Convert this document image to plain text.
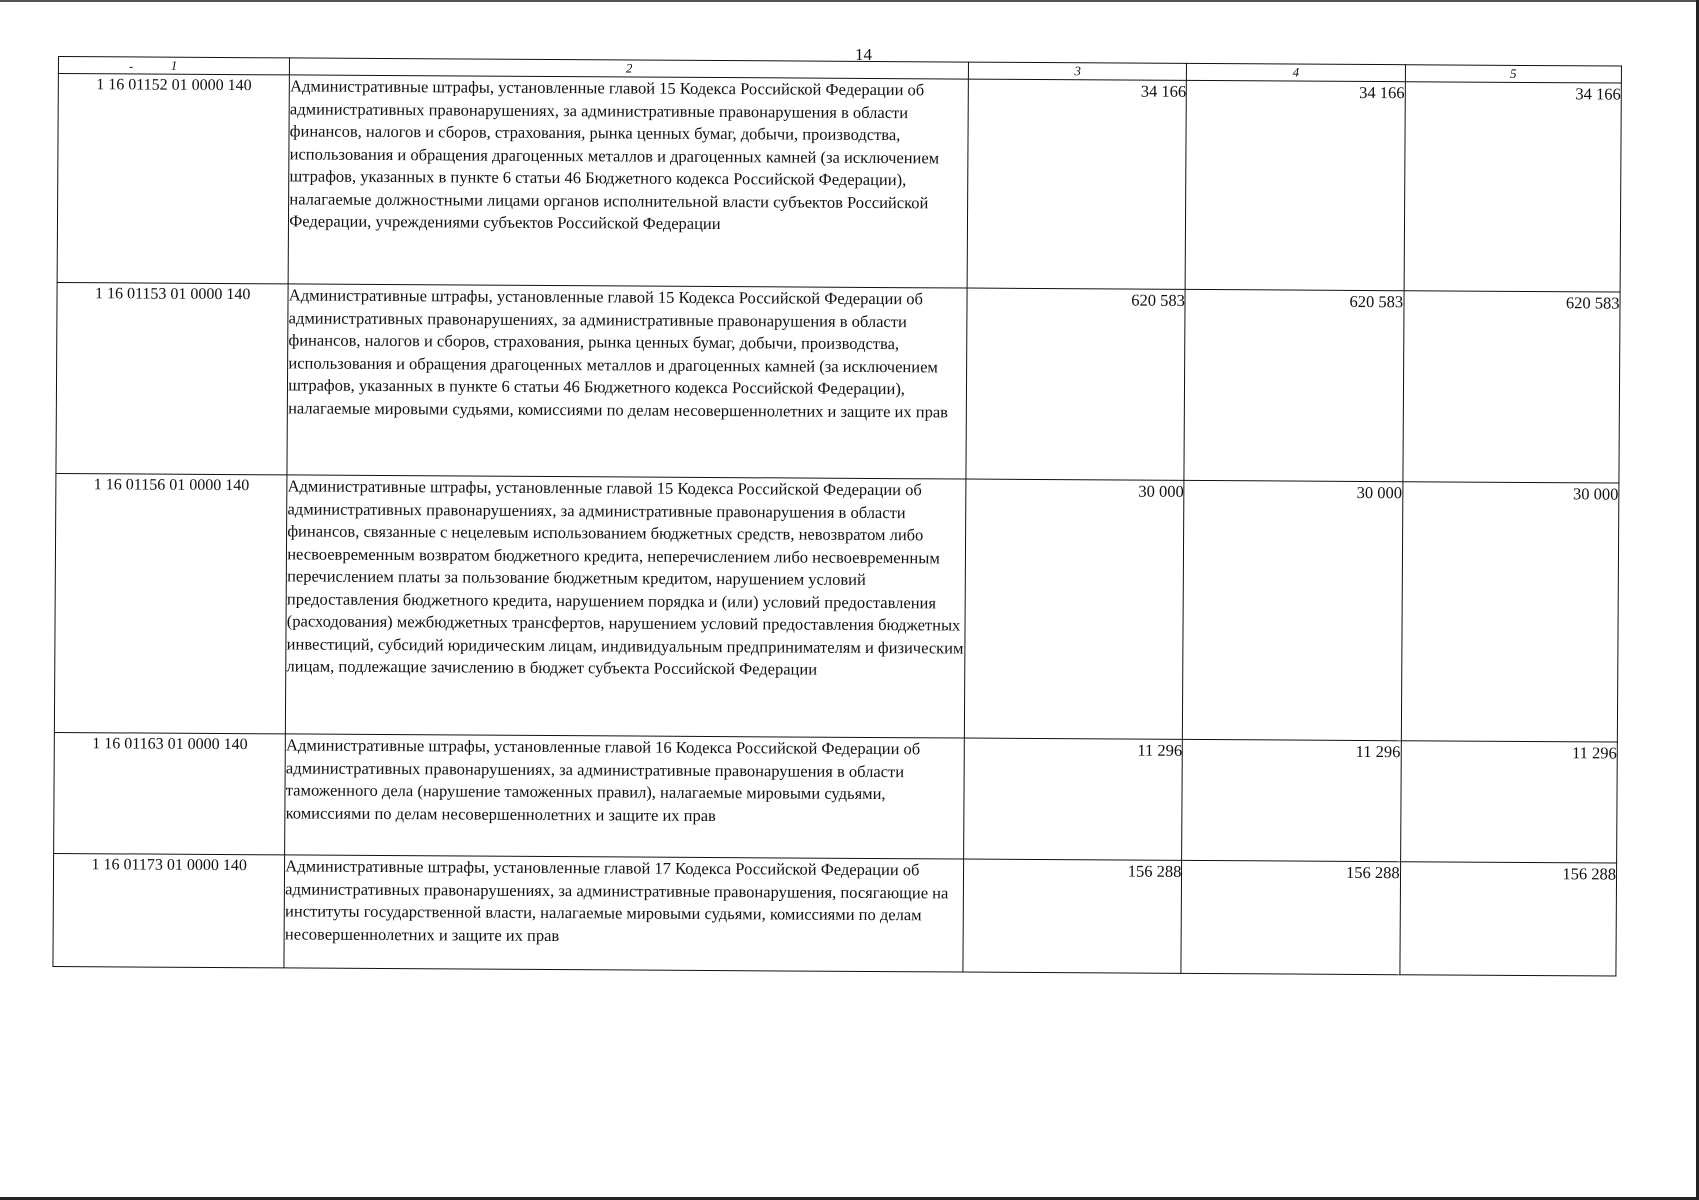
14
- 1	2	3	4	5
1 16 01152 01 0000 140	Административные штрафы, установленные главой 15 Кодекса Российской Федерации об административных правонарушениях, за административные правонарушения в области финансов, налогов и сборов, страхования, рынка ценных бумаг, добычи, производства, использования и обращения драгоценных металлов и драгоценных камней (за исключением штрафов, указанных в пункте 6 статьи 46 Бюджетного кодекса Российской Федерации), налагаемые должностными лицами органов исполнительной власти субъектов Российской Федерации, учреждениями субъектов Российской Федерации	34 166	34 166	34 166
1 16 01153 01 0000 140	Административные штрафы, установленные главой 15 Кодекса Российской Федерации об административных правонарушениях, за административные правонарушения в области финансов, налогов и сборов, страхования, рынка ценных бумаг, добычи, производства, использования и обращения драгоценных металлов и драгоценных камней (за исключением штрафов, указанных в пункте 6 статьи 46 Бюджетного кодекса Российской Федерации), налагаемые мировыми судьями, комиссиями по делам несовершеннолетних и защите их прав	620 583	620 583	620 583
1 16 01156 01 0000 140	Административные штрафы, установленные главой 15 Кодекса Российской Федерации об административных правонарушениях, за административные правонарушения в области финансов, связанные с нецелевым использованием бюджетных средств, невозвратом либо несвоевременным возвратом бюджетного кредита, неперечислением либо несвоевременным перечислением платы за пользование бюджетным кредитом, нарушением условий предоставления бюджетного кредита, нарушением порядка и (или) условий предоставления (расходования) межбюджетных трансфертов, нарушением условий предоставления бюджетных инвестиций, субсидий юридическим лицам, индивидуальным предпринимателям и физическим лицам, подлежащие зачислению в бюджет субъекта Российской Федерации	30 000	30 000	30 000
1 16 01163 01 0000 140	Административные штрафы, установленные главой 16 Кодекса Российской Федерации об административных правонарушениях, за административные правонарушения в области таможенного дела (нарушение таможенных правил), налагаемые мировыми судьями, комиссиями по делам несовершеннолетних и защите их прав	11 296	11 296	11 296
1 16 01173 01 0000 140	Административные штрафы, установленные главой 17 Кодекса Российской Федерации об административных правонарушениях, за административные правонарушения, посягающие на институты государственной власти, налагаемые мировыми судьями, комиссиями по делам несовершеннолетних и защите их прав	156 288	156 288	156 288
